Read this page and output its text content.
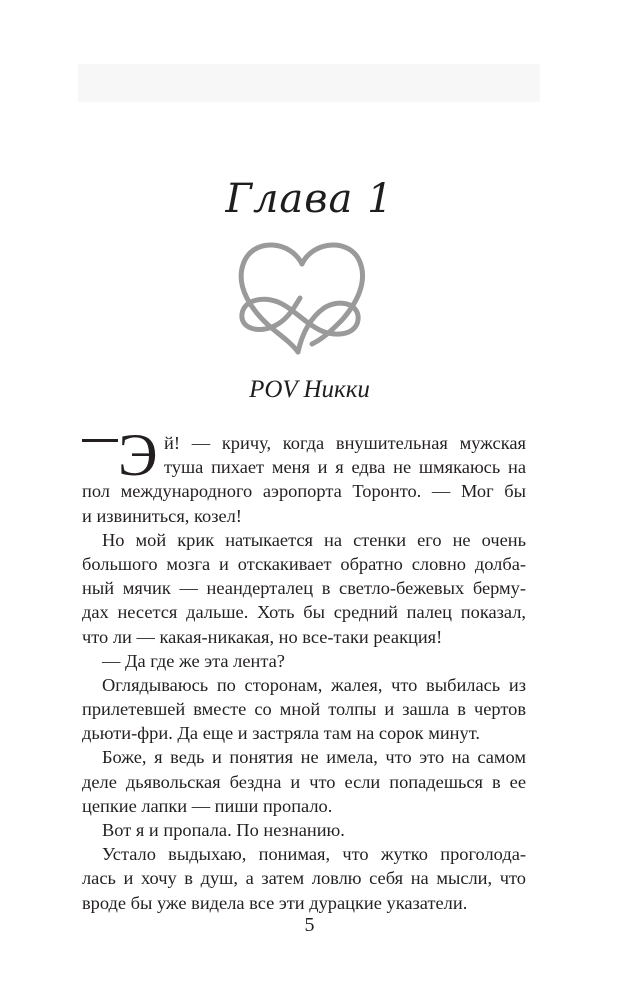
Глава 1
POV Никки
Э й! — кричу, когда внушительная мужская
туша пихает меня и я едва не шмякаюсь на
пол международного аэропорта Торонто. — Мог бы
и извиниться, козел!
Но мой крик натыкается на стенки его не очень
большого мозга и отскакивает обратно словно долба-
ный мячик — неандерталец в светло-бежевых берму-
дах несется дальше. Хоть бы средний палец показал,
что ли — какая-никакая, но все-таки реакция!
— Да где же эта лента?
Оглядываюсь по сторонам, жалея, что выбилась из
прилетевшей вместе со мной толпы и зашла в чертов
дьюти-фри. Да еще и застряла там на сорок минут.
Боже, я ведь и понятия не имела, что это на самом
деле дьявольская бездна и что если попадешься в ее
цепкие лапки — пиши пропало.
Вот я и пропала. По незнанию.
Устало выдыхаю, понимая, что жутко проголода-
лась и хочу в душ, а затем ловлю себя на мысли, что
вроде бы уже видела все эти дурацкие указатели.
5
